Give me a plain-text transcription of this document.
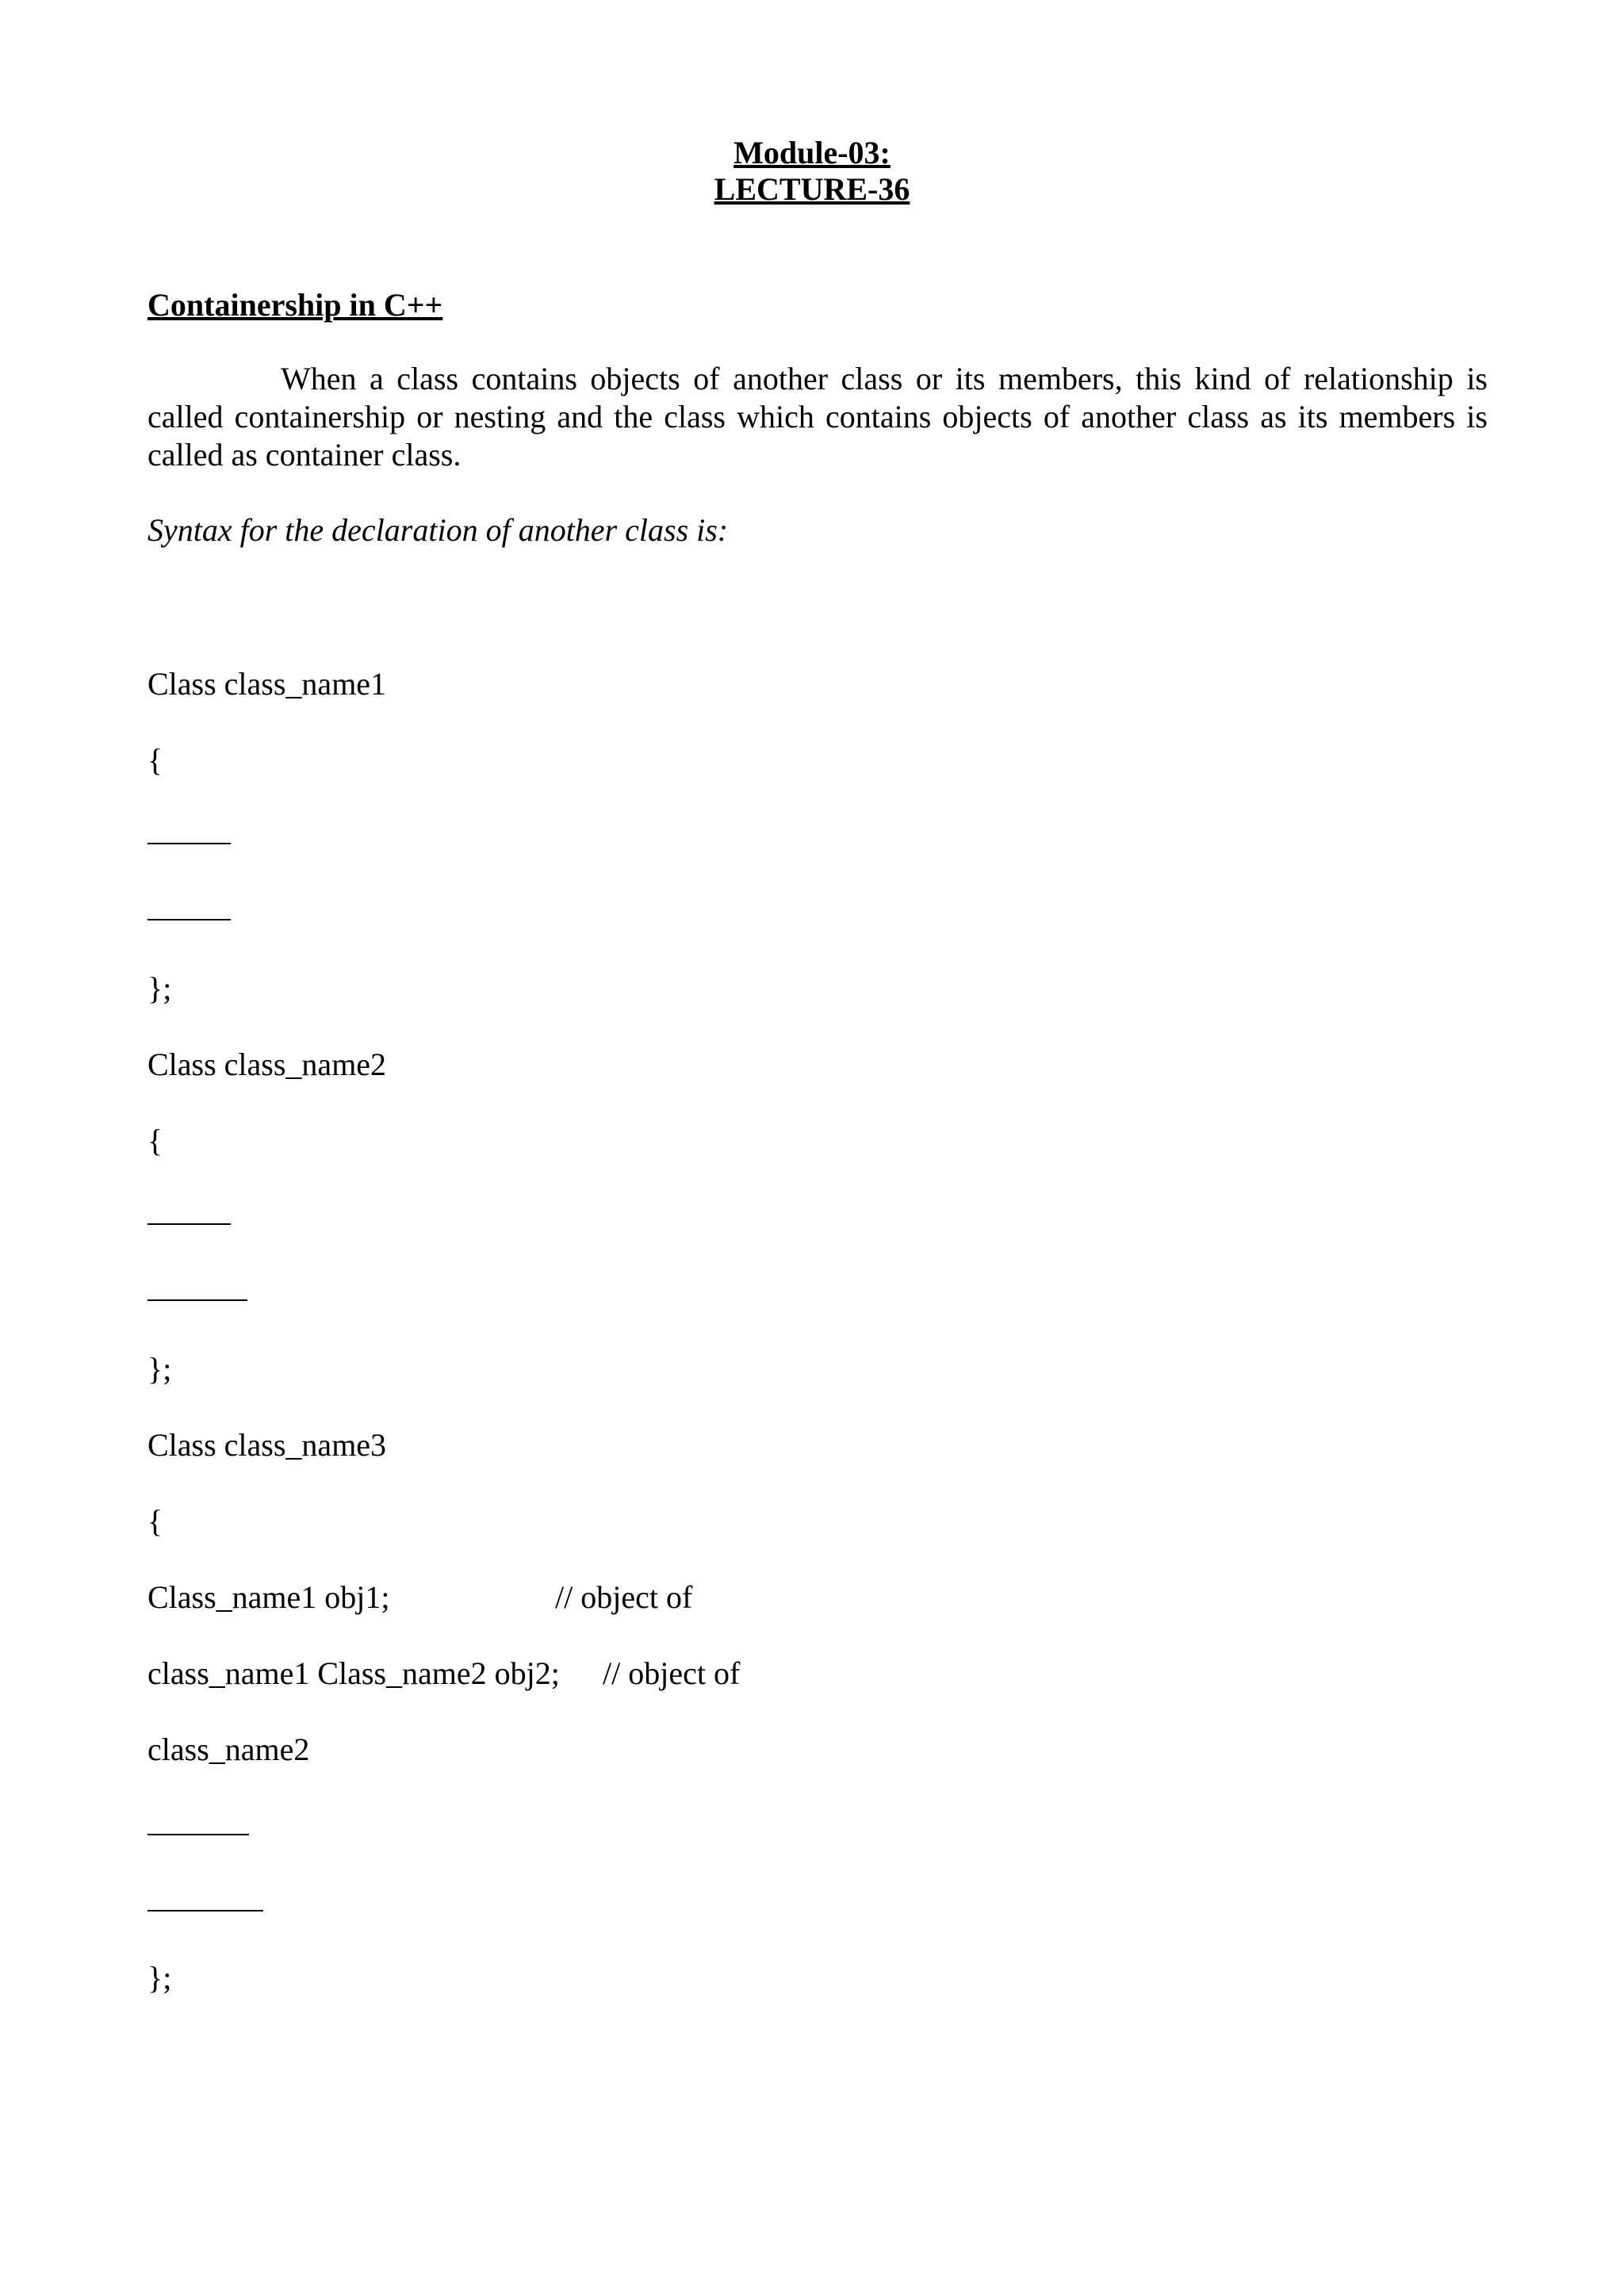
Module-03:
LECTURE-36
Containership in C++
When a class contains objects of another class or its members, this kind of relationship is called containership or nesting and the class which contains objects of another class as its members is called as container class.
Syntax for the declaration of another class is:
Class class_name1
{
};
Class class_name2
{
};
Class class_name3
{
Class_name1 obj1;	// object of
class_name1 Class_name2 obj2; // object of
class_name2
};
